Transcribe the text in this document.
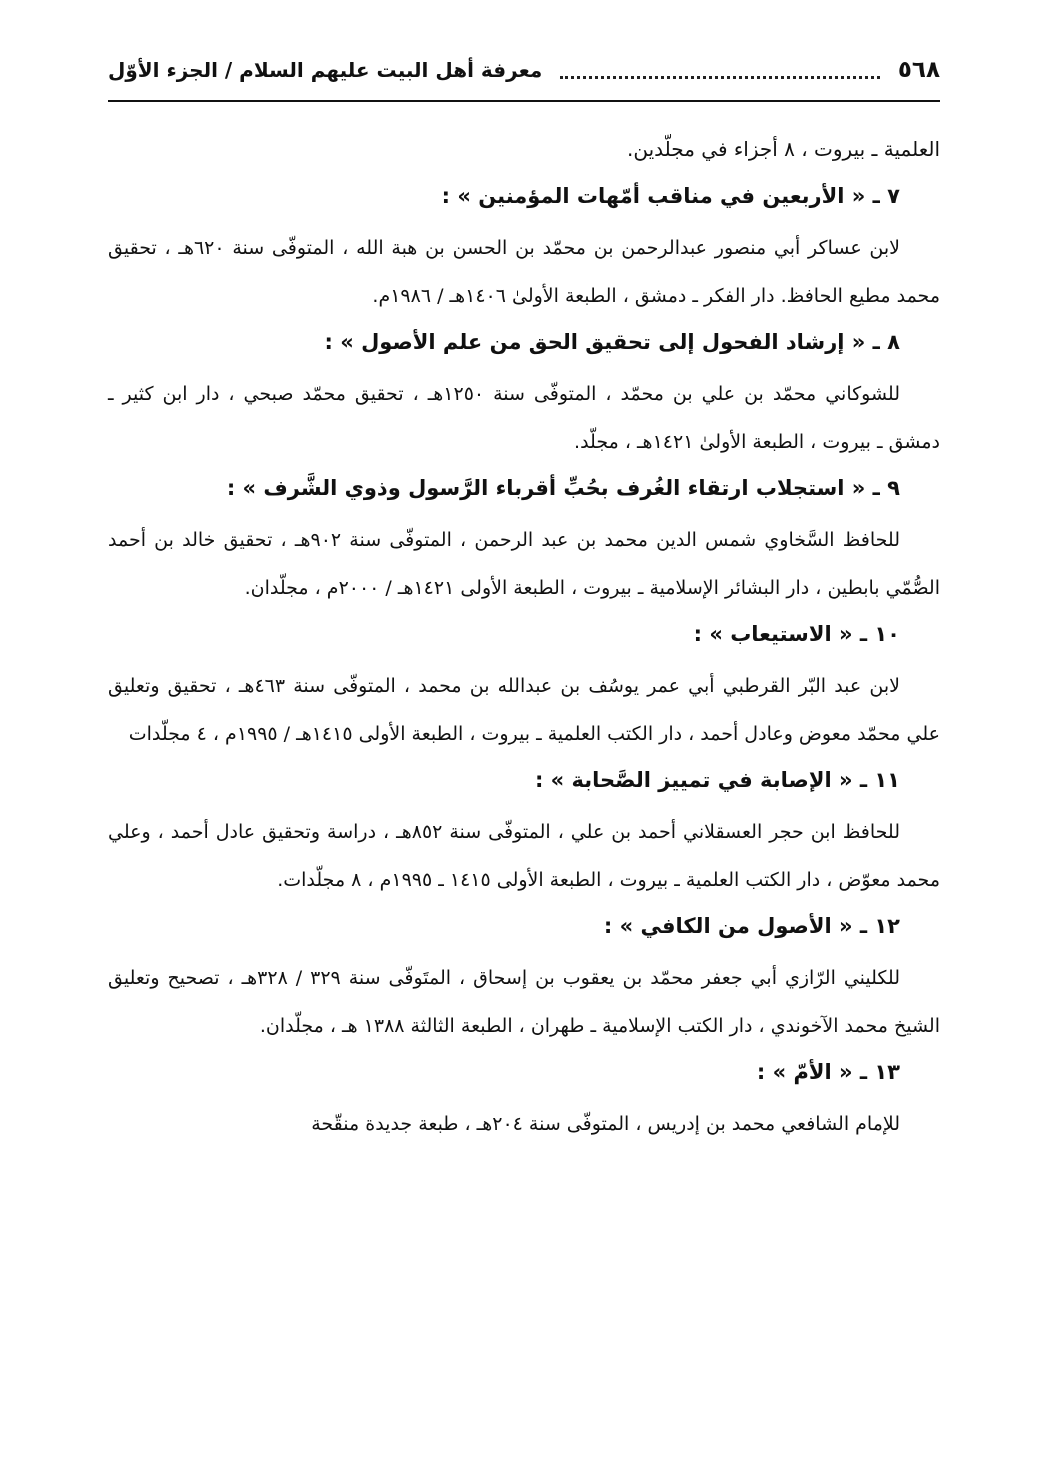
٥٦٨
معرفة أهل البيت عليهم السلام / الجزء الأوّل

العلمية ـ بيروت ، ٨ أجزاء في مجلّدين.

٧ ـ « الأربعين في مناقب أمّهات المؤمنين » :

لابن عساكر أبي منصور عبدالرحمن بن محمّد بن الحسن بن هبة الله ، المتوفّى سنة ٦٢٠هـ ، تحقيق محمد مطيع الحافظ. دار الفكر ـ دمشق ، الطبعة الأولىٰ ١٤٠٦هـ / ١٩٨٦م.

٨ ـ « إرشاد الفحول إلى تحقيق الحق من علم الأصول » :

للشوكاني محمّد بن علي بن محمّد ، المتوفّى سنة ١٢٥٠هـ ، تحقيق محمّد صبحي ، دار ابن كثير ـ دمشق ـ بيروت ، الطبعة الأولىٰ ١٤٢١هـ ، مجلّد.

٩ ـ « استجلاب ارتقاء الغُرف بحُبِّ أقرباء الرَّسول وذوي الشَّرف » :

للحافظ السَّخاوي شمس الدين محمد بن عبد الرحمن ، المتوفّى سنة ٩٠٢هـ ، تحقيق خالد بن أحمد الصُّمّي بابطين ، دار البشائر الإسلامية ـ بيروت ، الطبعة الأولى ١٤٢١هـ / ٢٠٠٠م ، مجلّدان.

١٠ ـ « الاستيعاب » :

لابن عبد البّر القرطبي أبي عمر يوسُف بن عبدالله بن محمد ، المتوفّى سنة ٤٦٣هـ ، تحقيق وتعليق علي محمّد معوض وعادل أحمد ، دار الكتب العلمية ـ بيروت ، الطبعة الأولى ١٤١٥هـ / ١٩٩٥م ، ٤ مجلّدات

١١ ـ « الإصابة في تمييز الصَّحابة » :

للحافظ ابن حجر العسقلاني أحمد بن علي ، المتوفّى سنة ٨٥٢هـ ، دراسة وتحقيق عادل أحمد ، وعلي محمد معوّض ، دار الكتب العلمية ـ بيروت ، الطبعة الأولى ١٤١٥ ـ ١٩٩٥م ، ٨ مجلّدات.

١٢ ـ « الأصول من الكافي » :

للكليني الرّازي أبي جعفر محمّد بن يعقوب بن إسحاق ، المتَوفّى سنة ٣٢٩ / ٣٢٨هـ ، تصحيح وتعليق الشيخ محمد الآخوندي ، دار الكتب الإسلامية ـ طهران ، الطبعة الثالثة ١٣٨٨ هـ ، مجلّدان.

١٣ ـ « الأمّ » :

للإمام الشافعي محمد بن إدريس ، المتوفّى سنة ٢٠٤هـ ، طبعة جديدة منقّحة
